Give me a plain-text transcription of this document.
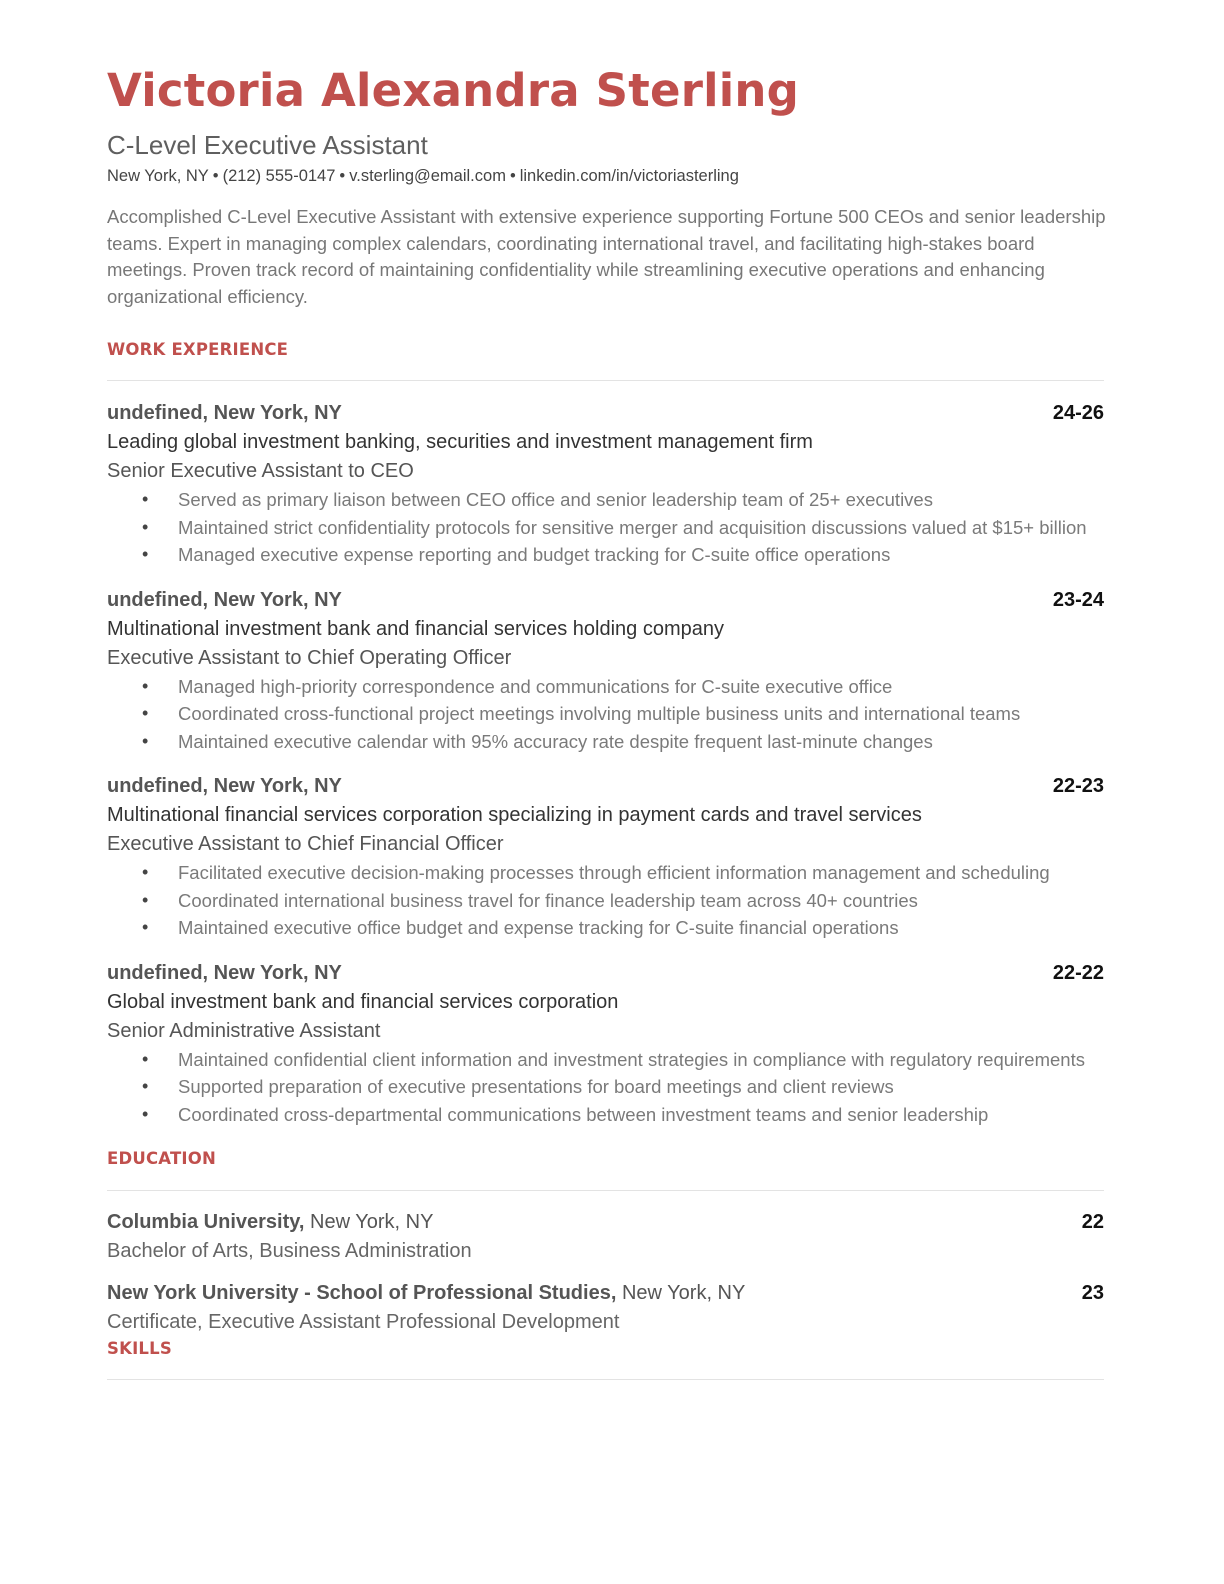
Victoria Alexandra Sterling
C-Level Executive Assistant
New York, NY • (212) 555-0147 • v.sterling@email.com • linkedin.com/in/victoriasterling

Accomplished C-Level Executive Assistant with extensive experience supporting Fortune 500 CEOs and senior leadership teams. Expert in managing complex calendars, coordinating international travel, and facilitating high-stakes board meetings. Proven track record of maintaining confidentiality while streamlining executive operations and enhancing organizational efficiency.

WORK EXPERIENCE
undefined, New York, NY	24-26
Leading global investment banking, securities and investment management firm
Senior Executive Assistant to CEO
• Served as primary liaison between CEO office and senior leadership team of 25+ executives
• Maintained strict confidentiality protocols for sensitive merger and acquisition discussions valued at $15+ billion
• Managed executive expense reporting and budget tracking for C-suite office operations
undefined, New York, NY	23-24
Multinational investment bank and financial services holding company
Executive Assistant to Chief Operating Officer
• Managed high-priority correspondence and communications for C-suite executive office
• Coordinated cross-functional project meetings involving multiple business units and international teams
• Maintained executive calendar with 95% accuracy rate despite frequent last-minute changes
undefined, New York, NY	22-23
Multinational financial services corporation specializing in payment cards and travel services
Executive Assistant to Chief Financial Officer
• Facilitated executive decision-making processes through efficient information management and scheduling
• Coordinated international business travel for finance leadership team across 40+ countries
• Maintained executive office budget and expense tracking for C-suite financial operations
undefined, New York, NY	22-22
Global investment bank and financial services corporation
Senior Administrative Assistant
• Maintained confidential client information and investment strategies in compliance with regulatory requirements
• Supported preparation of executive presentations for board meetings and client reviews
• Coordinated cross-departmental communications between investment teams and senior leadership
EDUCATION
Columbia University, New York, NY	22
Bachelor of Arts, Business Administration
New York University - School of Professional Studies, New York, NY	23
Certificate, Executive Assistant Professional Development
SKILLS
